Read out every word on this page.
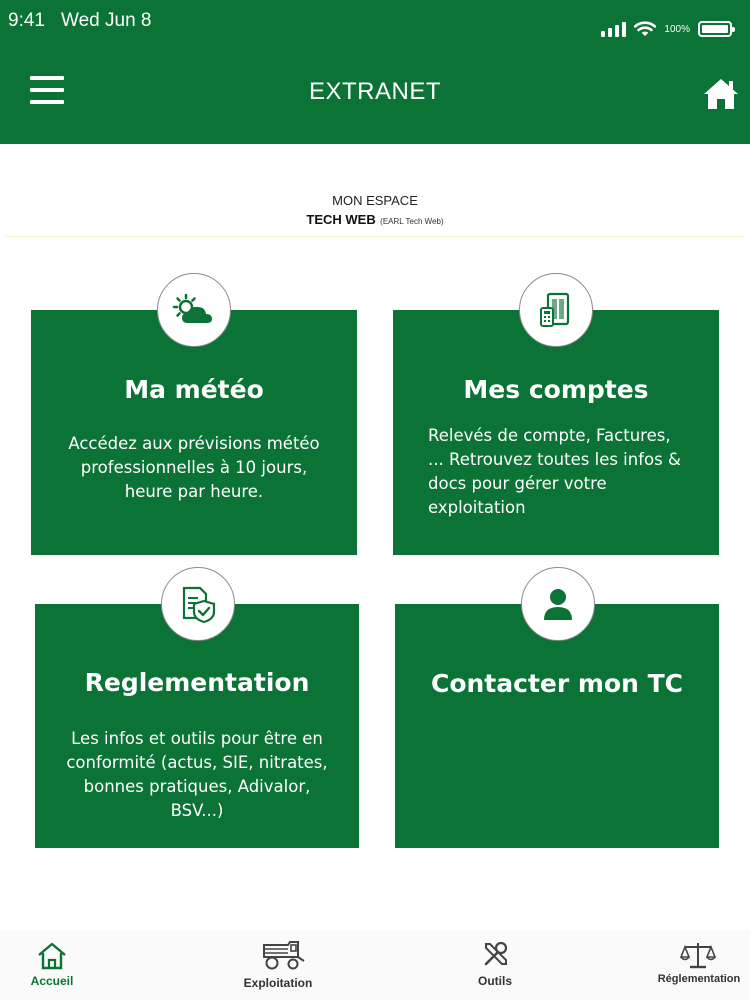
9:41 Wed Jun 8	100%
EXTRANET
MON ESPACE
TECH WEB (EARL Tech Web)
Ma météo
Accédez aux prévisions météo
professionnelles à 10 jours,
heure par heure.
Mes comptes
Relevés de compte, Factures,
... Retrouvez toutes les infos &
docs pour gérer votre
exploitation
Reglementation
Les infos et outils pour être en
conformité (actus, SIE, nitrates,
bonnes pratiques, Adivalor,
BSV...)
Contacter mon TC
Accueil	Exploitation	Outils	Réglementation
